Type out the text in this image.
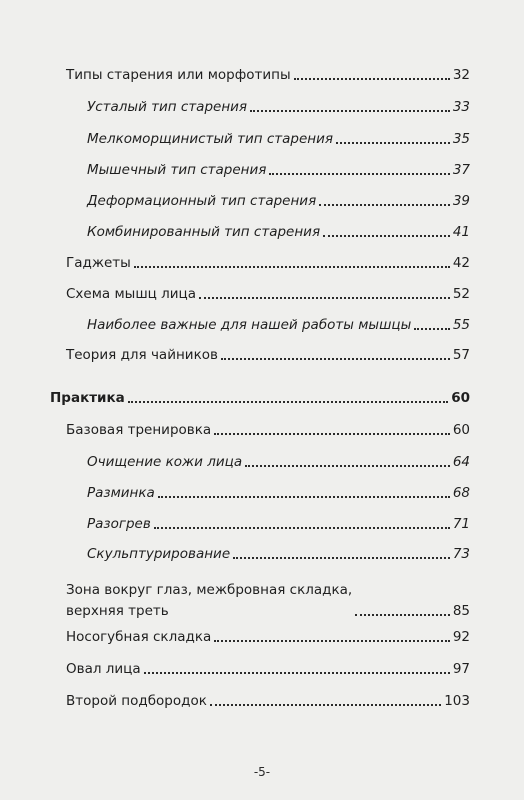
Типы старения или морфотипы	32
Усталый тип старения	33
Мелкоморщинистый тип старения	35
Мышечный тип старения	37
Деформационный тип старения	39
Комбинированный тип старения	41
Гаджеты	42
Схема мышц лица	52
Наиболее важные для нашей работы мышцы	55
Теория для чайников	57
Практика	60
Базовая тренировка	60
Очищение кожи лица	64
Разминка	68
Разогрев	71
Скульптурирование	73
Зона вокруг глаз, межбровная складка,
верхняя треть	85
Носогубная складка	92
Овал лица	97
Второй подбородок	103
-5-
